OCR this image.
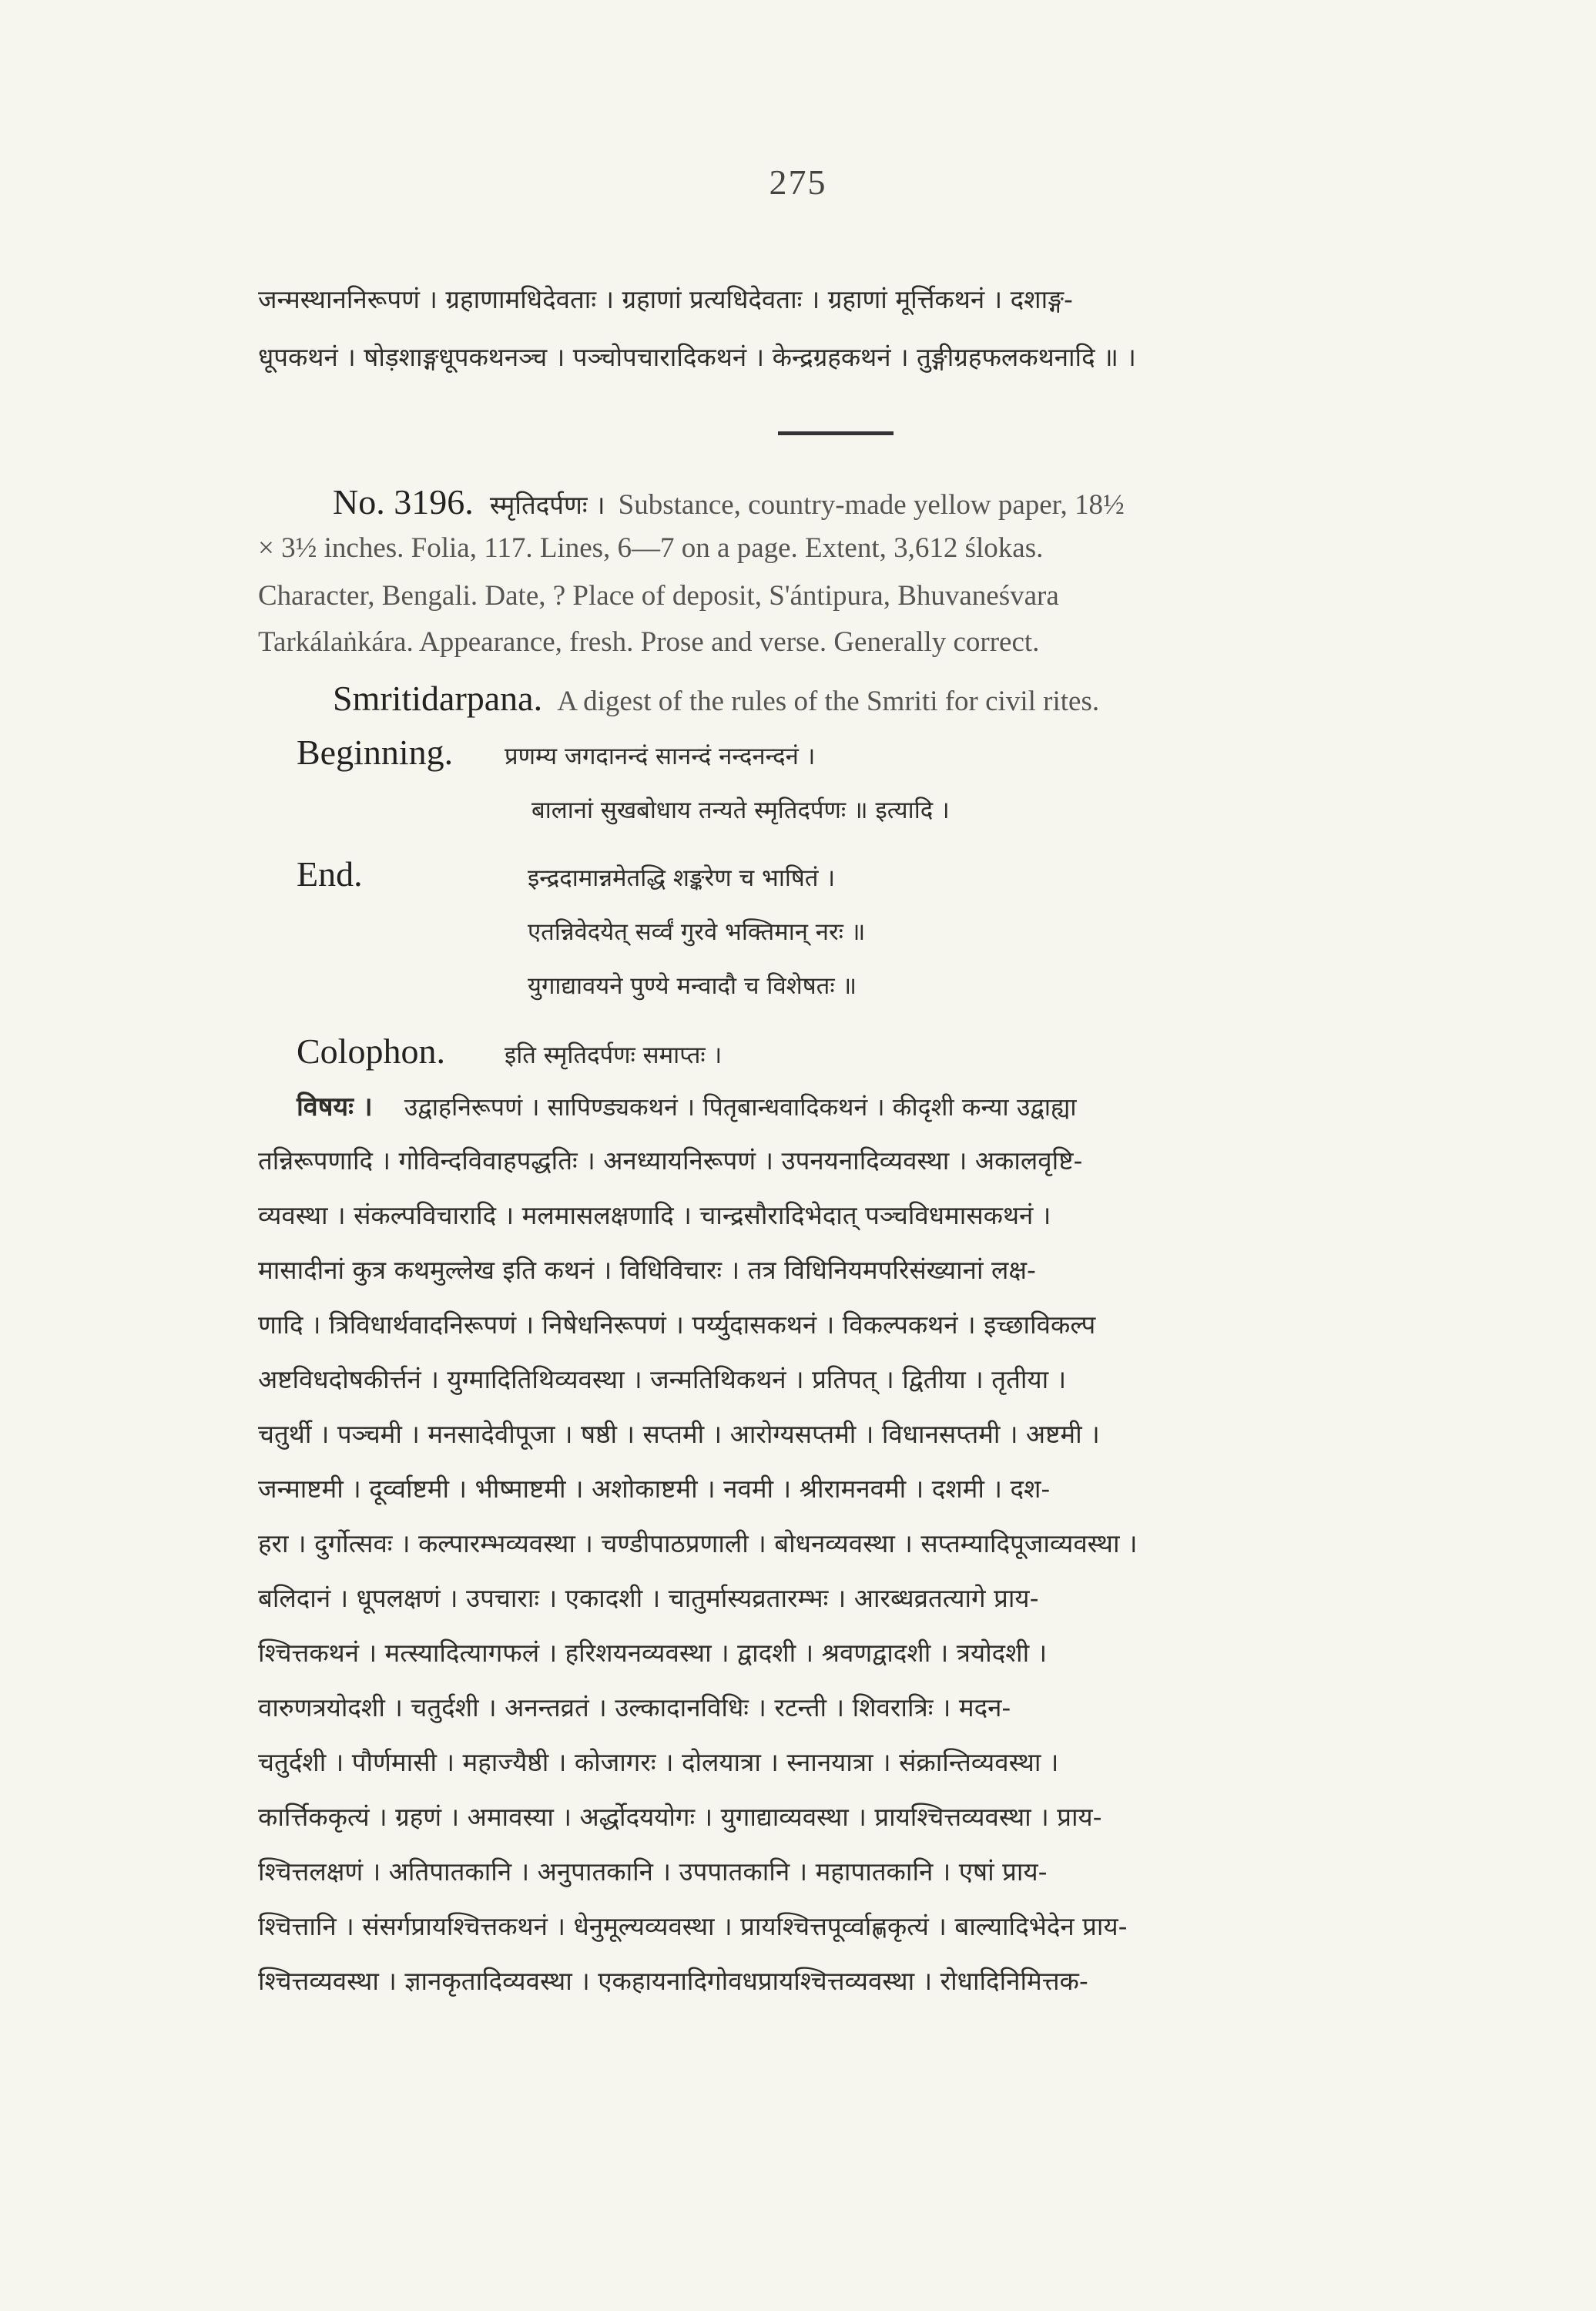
275
जन्मस्थाननिरूपणं । ग्रहाणामधिदेवताः । ग्रहाणां प्रत्यधिदेवताः । ग्रहाणां मूर्त्तिकथनं । दशाङ्ग-
धूपकथनं । षोड़शाङ्गधूपकथनञ्च । पञ्चोपचारादिकथनं । केन्द्रग्रहकथनं । तुङ्गीग्रहफलकथनादि ॥ ।
No. 3196. स्मृतिदर्पणः । Substance, country-made yellow paper, 18½
× 3½ inches. Folia, 117. Lines, 6—7 on a page. Extent, 3,612 ślokas.
Character, Bengali. Date, ? Place of deposit, S'ántipura, Bhuvaneśvara
Tarkálaṅkára. Appearance, fresh. Prose and verse. Generally correct.
Smritidarpana. A digest of the rules of the Smriti for civil rites.
Beginning. प्रणम्य जगदानन्दं सानन्दं नन्दनन्दनं ।
बालानां सुखबोधाय तन्यते स्मृतिदर्पणः ॥ इत्यादि ।
End.	इन्द्रदामान्नमेतद्धि शङ्करेण च भाषितं ।
एतन्निवेदयेत् सर्व्वं गुरवे भक्तिमान् नरः ॥
युगाद्यावयने पुण्ये मन्वादौ च विशेषतः ॥
Colophon. इति स्मृतिदर्पणः समाप्तः ।
विषयः । उद्वाहनिरूपणं । सापिण्ड्यकथनं । पितृबान्धवादिकथनं । कीदृशी कन्या उद्वाह्या
तन्निरूपणादि । गोविन्दविवाहपद्धतिः । अनध्यायनिरूपणं । उपनयनादिव्यवस्था । अकालवृष्टि-
व्यवस्था । संकल्पविचारादि । मलमासलक्षणादि । चान्द्रसौरादिभेदात् पञ्चविधमासकथनं ।
मासादीनां कुत्र कथमुल्लेख इति कथनं । विधिविचारः । तत्र विधिनियमपरिसंख्यानां लक्ष-
णादि । त्रिविधार्थवादनिरूपणं । निषेधनिरूपणं । पर्य्युदासकथनं । विकल्पकथनं । इच्छाविकल्प
अष्टविधदोषकीर्त्तनं । युग्मादितिथिव्यवस्था । जन्मतिथिकथनं । प्रतिपत् । द्वितीया । तृतीया ।
चतुर्थी । पञ्चमी । मनसादेवीपूजा । षष्ठी । सप्तमी । आरोग्यसप्तमी । विधानसप्तमी । अष्टमी ।
जन्माष्टमी । दूर्व्वाष्टमी । भीष्माष्टमी । अशोकाष्टमी । नवमी । श्रीरामनवमी । दशमी । दश-
हरा । दुर्गोत्सवः । कल्पारम्भव्यवस्था । चण्डीपाठप्रणाली । बोधनव्यवस्था । सप्तम्यादिपूजाव्यवस्था ।
बलिदानं । धूपलक्षणं । उपचाराः । एकादशी । चातुर्मास्यव्रतारम्भः । आरब्धव्रतत्यागे प्राय-
श्चित्तकथनं । मत्स्यादित्यागफलं । हरिशयनव्यवस्था । द्वादशी । श्रवणद्वादशी । त्रयोदशी ।
वारुणत्रयोदशी । चतुर्दशी । अनन्तव्रतं । उल्कादानविधिः । रटन्ती । शिवरात्रिः । मदन-
चतुर्दशी । पौर्णमासी । महाज्यैष्ठी । कोजागरः । दोलयात्रा । स्नानयात्रा । संक्रान्तिव्यवस्था ।
कार्त्तिककृत्यं । ग्रहणं । अमावस्या । अर्द्धोदययोगः । युगाद्याव्यवस्था । प्रायश्चित्तव्यवस्था । प्राय-
श्चित्तलक्षणं । अतिपातकानि । अनुपातकानि । उपपातकानि । महापातकानि । एषां प्राय-
श्चित्तानि । संसर्गप्रायश्चित्तकथनं । धेनुमूल्यव्यवस्था । प्रायश्चित्तपूर्व्वाह्णकृत्यं । बाल्यादिभेदेन प्राय-
श्चित्तव्यवस्था । ज्ञानकृतादिव्यवस्था । एकहायनादिगोवधप्रायश्चित्तव्यवस्था । रोधादिनिमित्तक-
